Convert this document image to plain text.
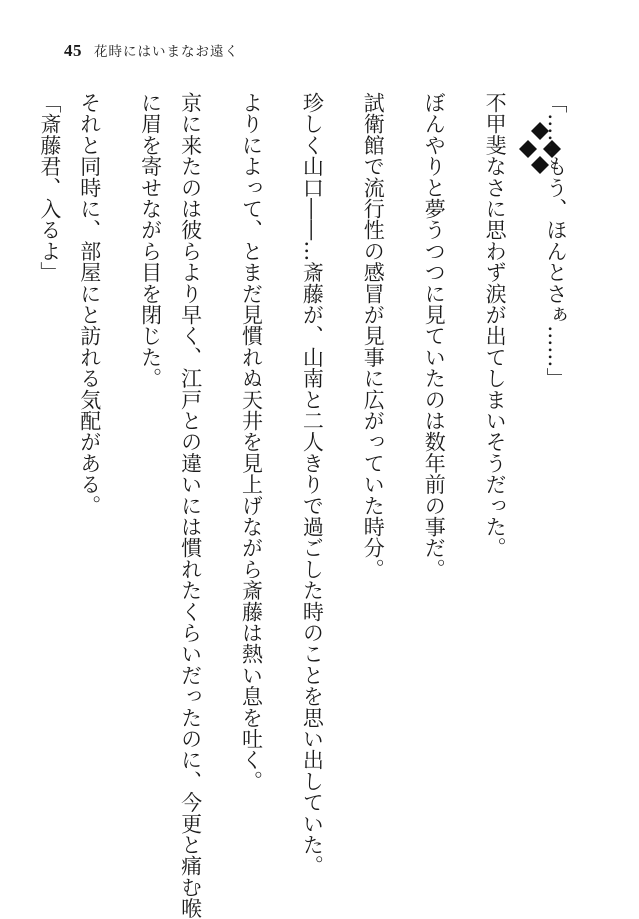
45 花時にはいまなお遠く
「……もう、ほんとさぁ……」
不甲斐なさに思わず涙が出てしまいそうだった。
ぼんやりと夢うつつに見ていたのは数年前の事だ。
試衛館で流行性の感冒が見事に広がっていた時分。
珍しく山口――…斎藤が、山南と二人きりで過ごした時のことを思い出していた。
よりによって、とまだ見慣れぬ天井を見上げながら斎藤は熱い息を吐く。
京に来たのは彼らより早く、江戸との違いには慣れたくらいだったのに、今更と痛む喉
に眉を寄せながら目を閉じた。
それと同時に、部屋にと訪れる気配がある。
「斎藤君、入るよ」
